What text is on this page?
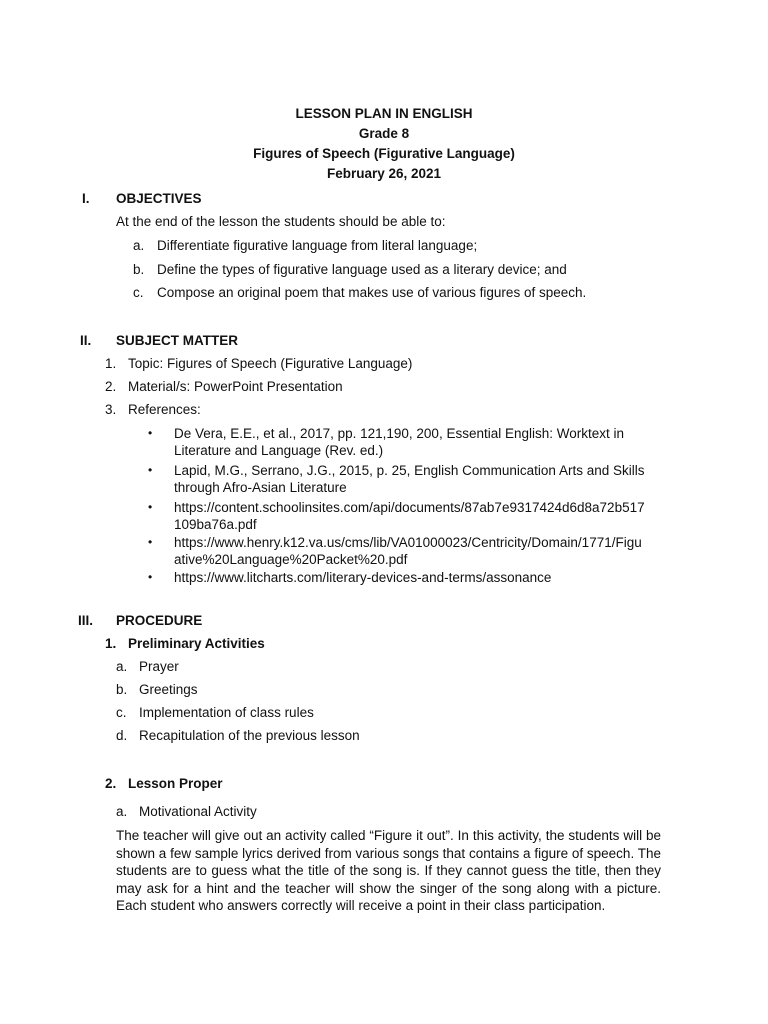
LESSON PLAN IN ENGLISH
Grade 8
Figures of Speech (Figurative Language)
February 26, 2021
I. OBJECTIVES
At the end of the lesson the students should be able to:
a. Differentiate figurative language from literal language;
b. Define the types of figurative language used as a literary device; and
c. Compose an original poem that makes use of various figures of speech.
II. SUBJECT MATTER
1. Topic: Figures of Speech (Figurative Language)
2. Material/s: PowerPoint Presentation
3. References:
• De Vera, E.E., et al., 2017, pp. 121,190, 200, Essential English: Worktext in Literature and Language (Rev. ed.)
• Lapid, M.G., Serrano, J.G., 2015, p. 25, English Communication Arts and Skills through Afro-Asian Literature
• https://content.schoolinsites.com/api/documents/87ab7e9317424d6d8a72b517 109ba76a.pdf
• https://www.henry.k12.va.us/cms/lib/VA01000023/Centricity/Domain/1771/Figu ative%20Language%20Packet%20.pdf
• https://www.litcharts.com/literary-devices-and-terms/assonance
III. PROCEDURE
1. Preliminary Activities
a. Prayer
b. Greetings
c. Implementation of class rules
d. Recapitulation of the previous lesson
2. Lesson Proper
a. Motivational Activity
The teacher will give out an activity called “Figure it out”. In this activity, the students will be shown a few sample lyrics derived from various songs that contains a figure of speech. The students are to guess what the title of the song is. If they cannot guess the title, then they may ask for a hint and the teacher will show the singer of the song along with a picture. Each student who answers correctly will receive a point in their class participation.
